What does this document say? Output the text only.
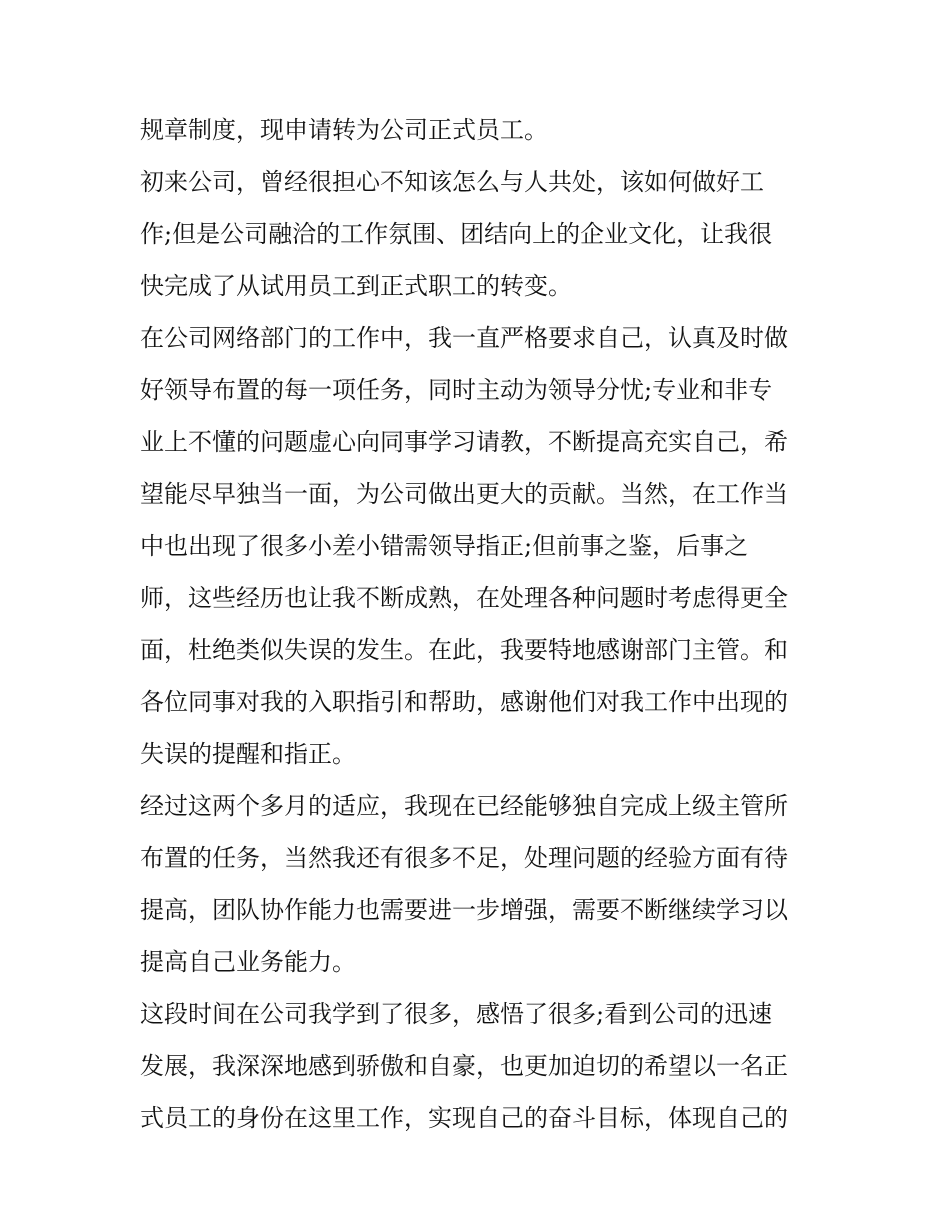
规章制度，现申请转为公司正式员工。

初来公司，曾经很担心不知该怎么与人共处，该如何做好工

作;但是公司融洽的工作氛围、团结向上的企业文化，让我很

快完成了从试用员工到正式职工的转变。

在公司网络部门的工作中，我一直严格要求自己，认真及时做

好领导布置的每一项任务，同时主动为领导分忧;专业和非专

业上不懂的问题虚心向同事学习请教，不断提高充实自己，希

望能尽早独当一面，为公司做出更大的贡献。当然，在工作当

中也出现了很多小差小错需领导指正;但前事之鉴，后事之

师，这些经历也让我不断成熟，在处理各种问题时考虑得更全

面，杜绝类似失误的发生。在此，我要特地感谢部门主管。和

各位同事对我的入职指引和帮助，感谢他们对我工作中出现的

失误的提醒和指正。

经过这两个多月的适应，我现在已经能够独自完成上级主管所

布置的任务，当然我还有很多不足，处理问题的经验方面有待

提高，团队协作能力也需要进一步增强，需要不断继续学习以

提高自己业务能力。

这段时间在公司我学到了很多，感悟了很多;看到公司的迅速

发展，我深深地感到骄傲和自豪，也更加迫切的希望以一名正

式员工的身份在这里工作，实现自己的奋斗目标，体现自己的
